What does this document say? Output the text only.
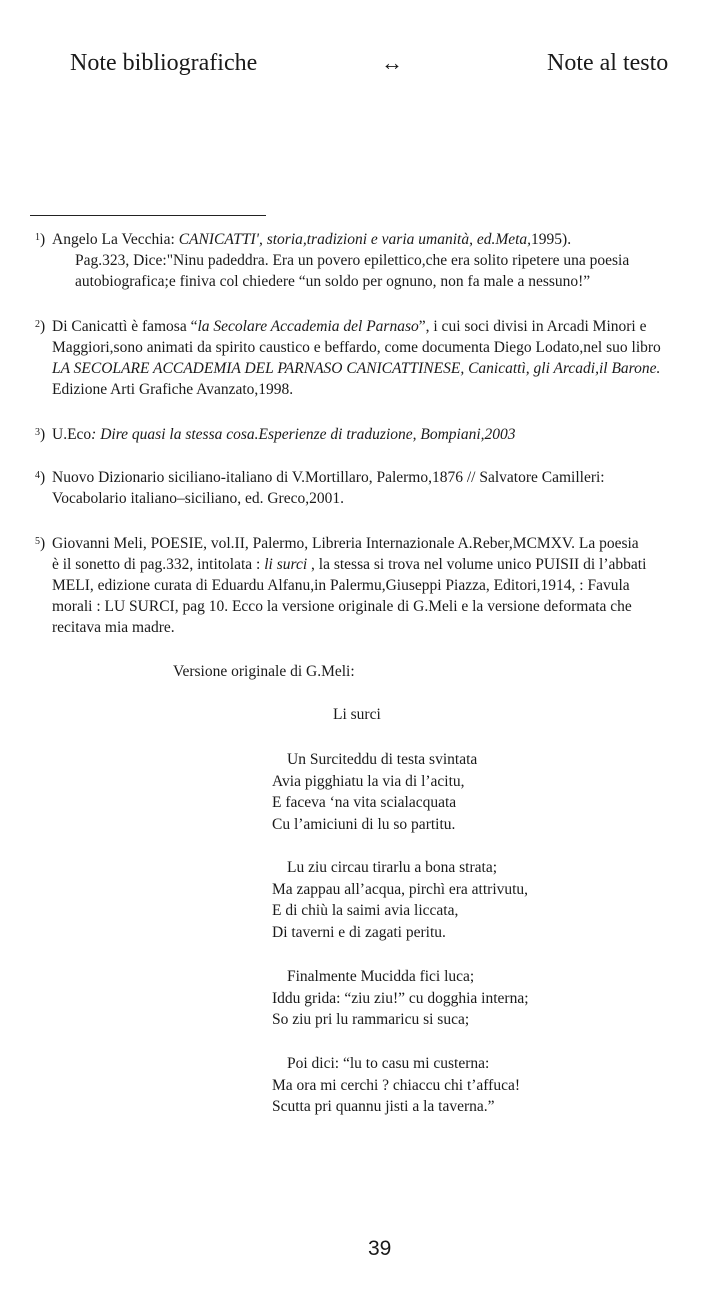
Note bibliografiche	↔	Note al testo
$^1$) Angelo La Vecchia: CANICATTI', storia,tradizioni e varia umanità, ed.Meta,1995).
Pag.323, Dice:"Ninu padeddra. Era un povero epilettico,che era solito ripetere una poesia
autobiografica;e finiva col chiedere “un soldo per ognuno, non fa male a nessuno!”
$^2$) Di Canicattì è famosa “la Secolare Accademia del Parnaso”, i cui soci divisi in Arcadi Minori e
Maggiori,sono animati da spirito caustico e beffardo, come documenta Diego Lodato,nel suo libro
LA SECOLARE ACCADEMIA DEL PARNASO CANICATTINESE, Canicattì, gli Arcadi,il Barone.
Edizione Arti Grafiche Avanzato,1998.
$^3$) U.Eco: Dire quasi la stessa cosa.Esperienze di traduzione, Bompiani,2003
$^4$) Nuovo Dizionario siciliano-italiano di V.Mortillaro, Palermo,1876 // Salvatore Camilleri:
Vocabolario italiano–siciliano, ed. Greco,2001.
$^5$) Giovanni Meli, POESIE, vol.II, Palermo, Libreria Internazionale A.Reber,MCMXV. La poesia
è il sonetto di pag.332, intitolata : li surci , la stessa si trova nel volume unico PUISII di l’abbati
MELI, edizione curata di Eduardu Alfanu,in Palermu,Giuseppi Piazza, Editori,1914, : Favula
morali : LU SURCI, pag 10. Ecco la versione originale di G.Meli e la versione deformata che
recitava mia madre.
Versione originale di G.Meli:
Li surci
Un Surciteddu di testa svintata
Avia pigghiatu la via di l’acitu,
E faceva ‘na vita scialacquata
Cu l’amiciuni di lu so partitu.
Lu ziu circau tirarlu a bona strata;
Ma zappau all’acqua, pirchì era attrivutu,
E di chiù la saimi avia liccata,
Di taverni e di zagati peritu.
Finalmente Mucidda fici luca;
Iddu grida: “ziu ziu!” cu dogghia interna;
So ziu pri lu rammaricu si suca;
Poi dici: “lu to casu mi custerna:
Ma ora mi cerchi ? chiaccu chi t’affuca!
Scutta pri quannu jisti a la taverna.”
39
